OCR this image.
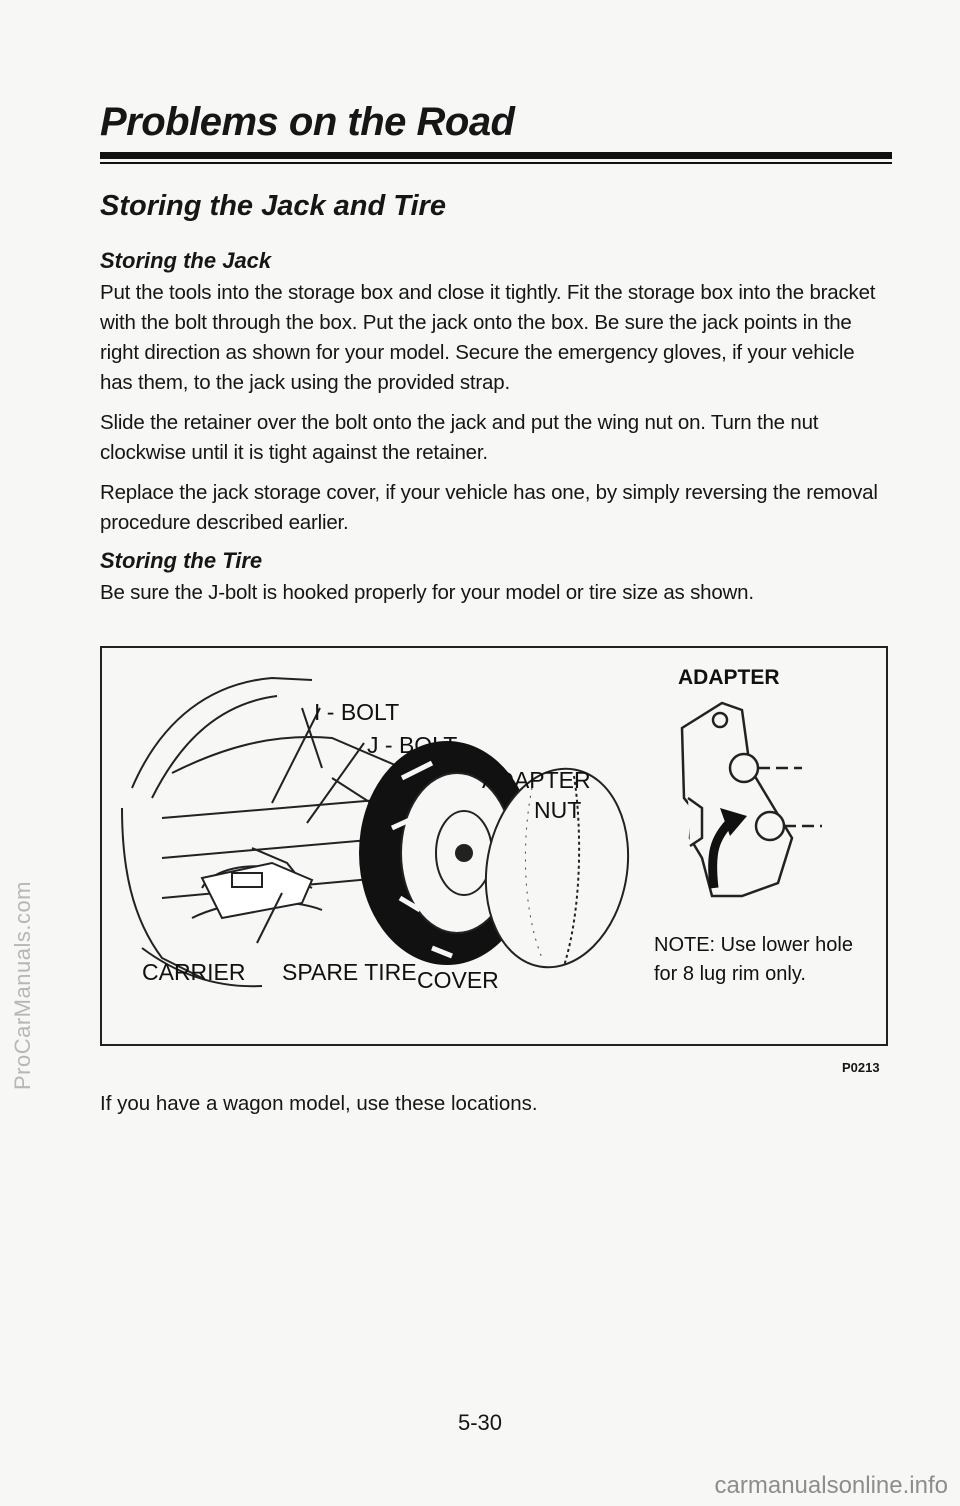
ProCarManuals.com
Problems on the Road
Storing the Jack and Tire
Storing the Jack

Put the tools into the storage box and close it tightly. Fit the storage box into the bracket with the bolt through the box. Put the jack onto the box. Be sure the jack points in the right direction as shown for your model. Secure the emergency gloves, if your vehicle has them, to the jack using the provided strap.

Slide the retainer over the bolt onto the jack and put the wing nut on. Turn the nut clockwise until it is tight against the retainer.

Replace the jack storage cover, if your vehicle has one, by simply reversing the removal procedure described earlier.

Storing the Tire

Be sure the J-bolt is hooked properly for your model or tire size as shown.

I - BOLT
J - BOLT
ADAPTER
NUT
CARRIER SPARE TIRE COVER
ADAPTER
NOTE: Use lower hole
for 8 lug rim only.
P0213
If you have a wagon model, use these locations.
5-30
carmanualsonline.info
